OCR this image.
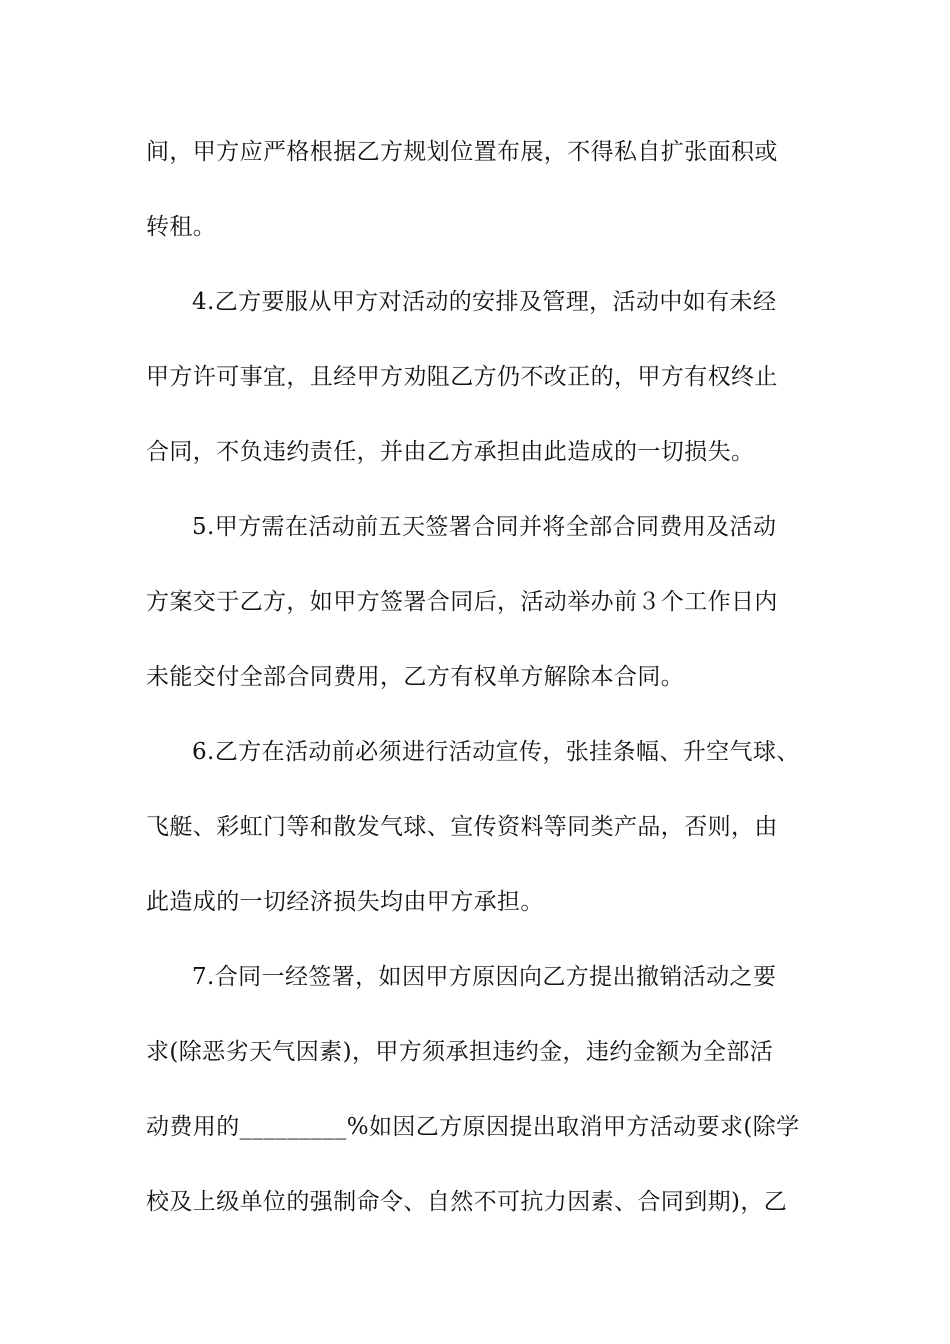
间，甲方应严格根据乙方规划位置布展，不得私自扩张面积或
转租。
4.乙方要服从甲方对活动的安排及管理，活动中如有未经
甲方许可事宜，且经甲方劝阻乙方仍不改正的，甲方有权终止
合同，不负违约责任，并由乙方承担由此造成的一切损失。
5.甲方需在活动前五天签署合同并将全部合同费用及活动
方案交于乙方，如甲方签署合同后，活动举办前３个工作日内
未能交付全部合同费用，乙方有权单方解除本合同。
6.乙方在活动前必须进行活动宣传，张挂条幅、升空气球、
飞艇、彩虹门等和散发气球、宣传资料等同类产品，否则，由
此造成的一切经济损失均由甲方承担。
7.合同一经签署，如因甲方原因向乙方提出撤销活动之要
求(除恶劣天气因素)，甲方须承担违约金，违约金额为全部活
动费用的_________%如因乙方原因提出取消甲方活动要求(除学
校及上级单位的强制命令、自然不可抗力因素、合同到期)，乙
